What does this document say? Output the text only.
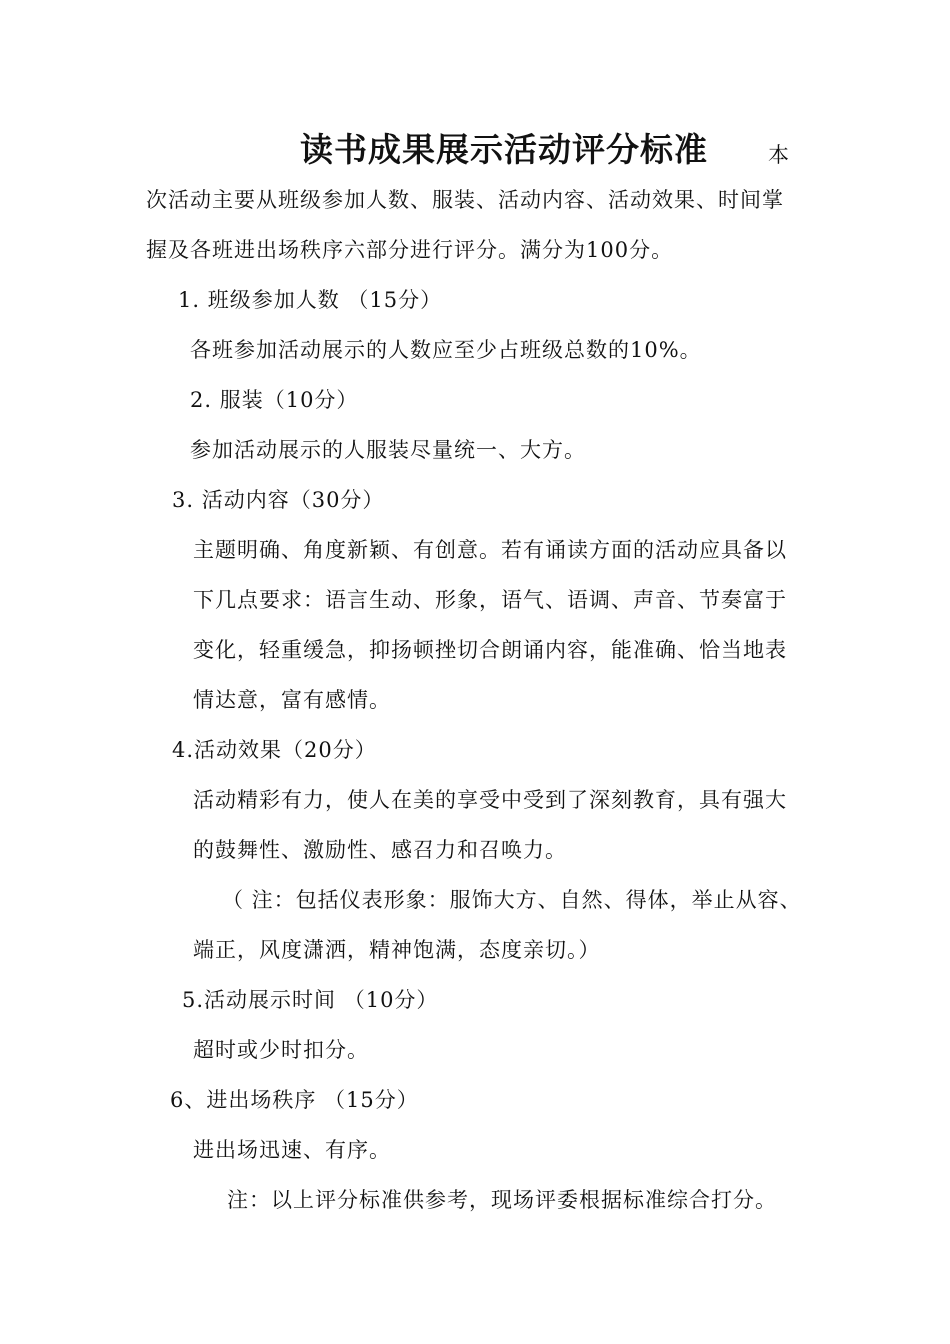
读书成果展示活动评分标准	本
次活动主要从班级参加人数、服装、活动内容、活动效果、时间掌
握及各班进出场秩序六部分进行评分。满分为100分。
1. 班级参加人数 （15分）
各班参加活动展示的人数应至少占班级总数的10%。
2. 服装（10分）
参加活动展示的人服装尽量统一、大方。
3. 活动内容（30分）
主题明确、角度新颖、有创意。若有诵读方面的活动应具备以
下几点要求：语言生动、形象，语气、语调、声音、节奏富于
变化，轻重缓急，抑扬顿挫切合朗诵内容，能准确、恰当地表
情达意，富有感情。
4.活动效果（20分）
活动精彩有力，使人在美的享受中受到了深刻教育，具有强大
的鼓舞性、激励性、感召力和召唤力。
（ 注：包括仪表形象：服饰大方、自然、得体，举止从容、
端正，风度潇洒，精神饱满，态度亲切。）
5.活动展示时间 （10分）
超时或少时扣分。
6、进出场秩序 （15分）
进出场迅速、有序。
注：以上评分标准供参考，现场评委根据标准综合打分。
